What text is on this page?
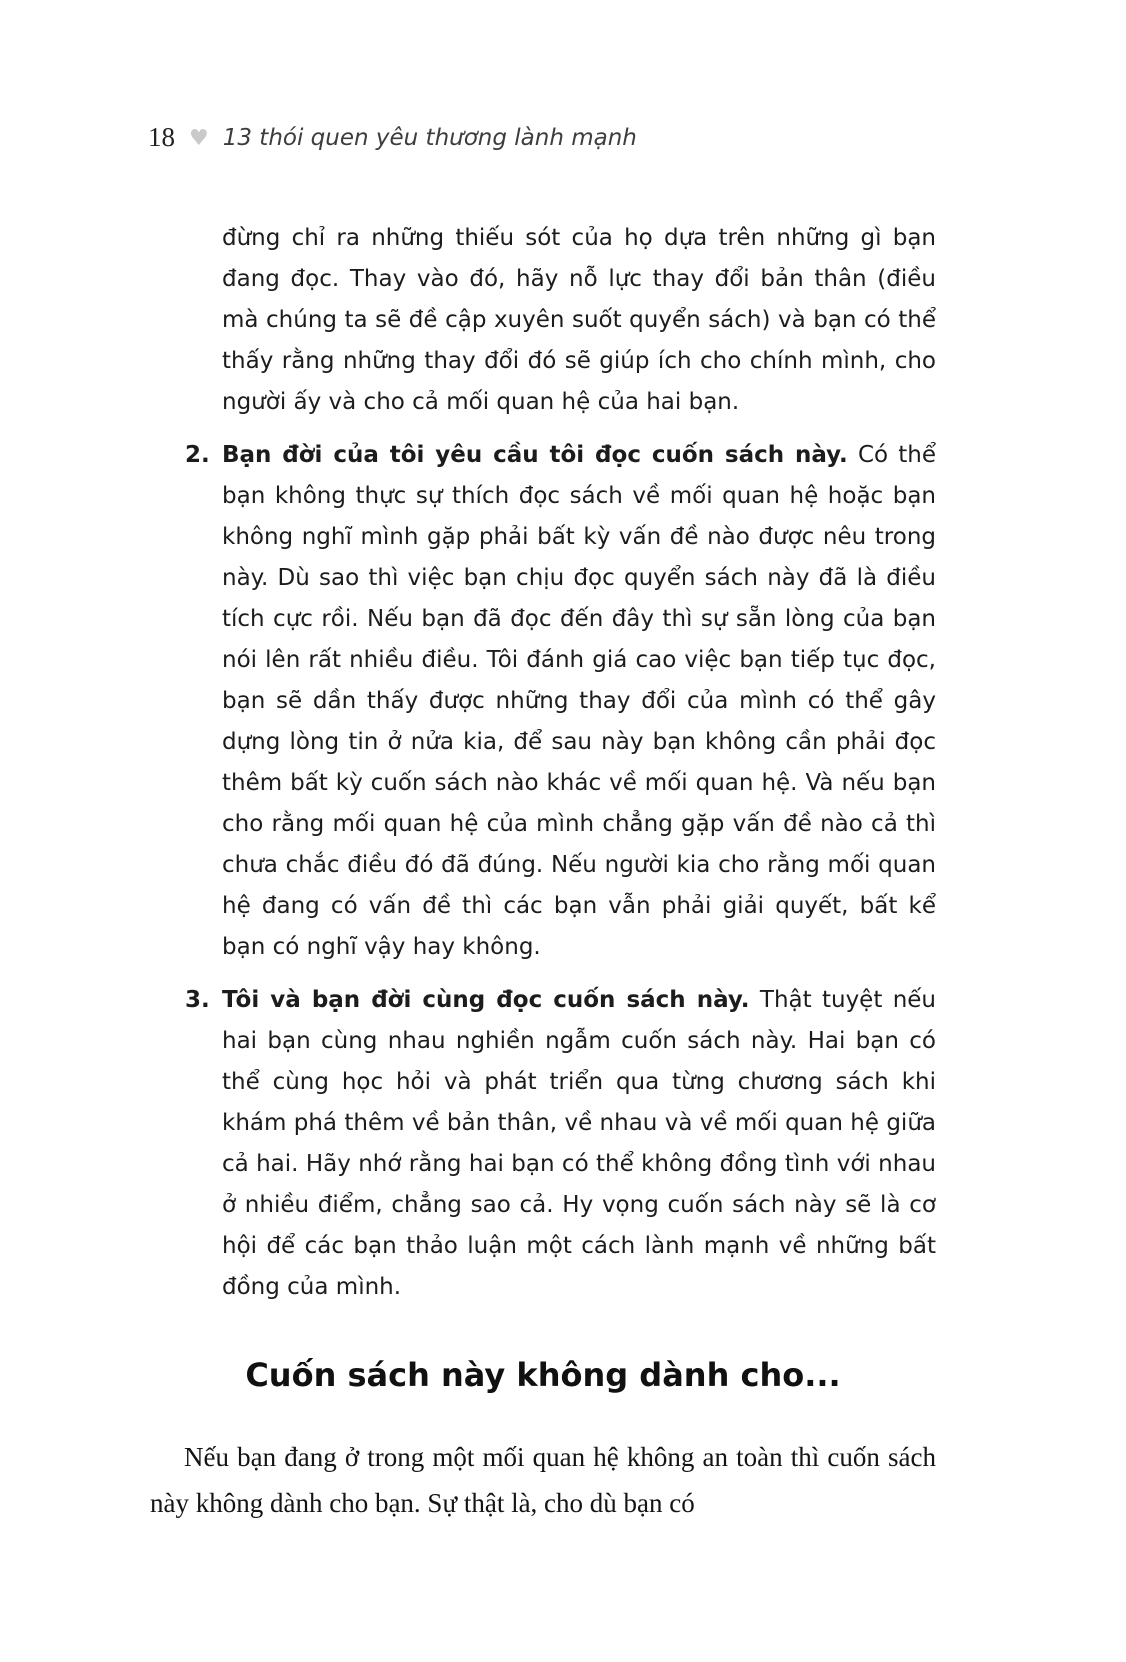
18 ♥ 13 thói quen yêu thương lành mạnh

đừng chỉ ra những thiếu sót của họ dựa trên những gì bạn đang đọc. Thay vào đó, hãy nỗ lực thay đổi bản thân (điều mà chúng ta sẽ đề cập xuyên suốt quyển sách) và bạn có thể thấy rằng những thay đổi đó sẽ giúp ích cho chính mình, cho người ấy và cho cả mối quan hệ của hai bạn.

2. Bạn đời của tôi yêu cầu tôi đọc cuốn sách này. Có thể bạn không thực sự thích đọc sách về mối quan hệ hoặc bạn không nghĩ mình gặp phải bất kỳ vấn đề nào được nêu trong này. Dù sao thì việc bạn chịu đọc quyển sách này đã là điều tích cực rồi. Nếu bạn đã đọc đến đây thì sự sẵn lòng của bạn nói lên rất nhiều điều. Tôi đánh giá cao việc bạn tiếp tục đọc, bạn sẽ dần thấy được những thay đổi của mình có thể gây dựng lòng tin ở nửa kia, để sau này bạn không cần phải đọc thêm bất kỳ cuốn sách nào khác về mối quan hệ. Và nếu bạn cho rằng mối quan hệ của mình chẳng gặp vấn đề nào cả thì chưa chắc điều đó đã đúng. Nếu người kia cho rằng mối quan hệ đang có vấn đề thì các bạn vẫn phải giải quyết, bất kể bạn có nghĩ vậy hay không.

3. Tôi và bạn đời cùng đọc cuốn sách này. Thật tuyệt nếu hai bạn cùng nhau nghiền ngẫm cuốn sách này. Hai bạn có thể cùng học hỏi và phát triển qua từng chương sách khi khám phá thêm về bản thân, về nhau và về mối quan hệ giữa cả hai. Hãy nhớ rằng hai bạn có thể không đồng tình với nhau ở nhiều điểm, chẳng sao cả. Hy vọng cuốn sách này sẽ là cơ hội để các bạn thảo luận một cách lành mạnh về những bất đồng của mình.

Cuốn sách này không dành cho...

Nếu bạn đang ở trong một mối quan hệ không an toàn thì cuốn sách này không dành cho bạn. Sự thật là, cho dù bạn có
